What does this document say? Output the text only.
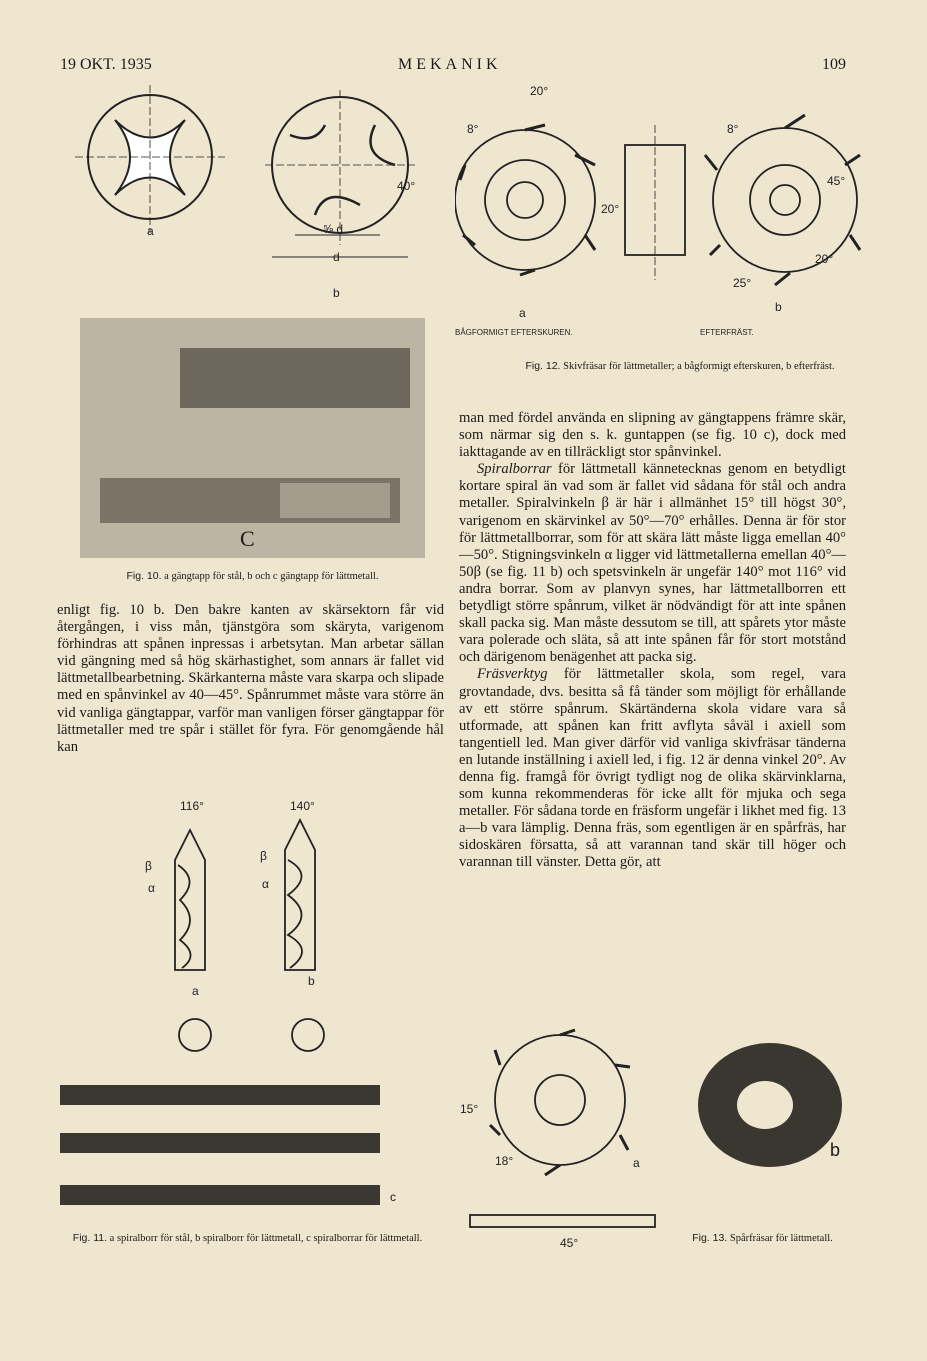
19 OKT. 1935	MEKANIK	109
a	⅝ d
d
40°
b
20°
8°
20°
8°
45°
25°
20°
a	b
BÅGFORMIGT EFTERSKUREN.	EFTERFRÄST.
C
Fig. 10. a gängtapp för stål, b och c gängtapp för lättmetall.
Fig. 12. Skivfräsar för lättmetaller; a bågformigt efterskuren, b efterfräst.

enligt fig. 10 b. Den bakre kanten av skärsektorn får vid återgången, i viss mån, tjänstgöra som skäryta, varigenom förhindras att spånen inpressas i arbetsytan. Man arbetar sällan vid gängning med så hög skärhastighet, som annars är fallet vid lättmetallbearbetning. Skärkanterna måste vara skarpa och slipade med en spånvinkel av 40—45°. Spånrummet måste vara större än vid vanliga gängtappar, varför man vanligen förser gängtappar för lättmetaller med tre spår i stället för fyra. För genomgående hål kan

man med fördel använda en slipning av gängtappens främre skär, som närmar sig den s. k. guntappen (se fig. 10 c), dock med iakttagande av en tillräckligt stor spånvinkel.

Spiralborrar för lättmetall kännetecknas genom en betydligt kortare spiral än vad som är fallet vid sådana för stål och andra metaller. Spiralvinkeln β är här i allmänhet 15° till högst 30°, varigenom en skärvinkel av 50°—70° erhålles. Denna är för stor för lättmetallborrar, som för att skära lätt måste ligga emellan 40°—50°. Stigningsvinkeln α ligger vid lättmetallerna emellan 40°—50β (se fig. 11 b) och spetsvinkeln är ungefär 140° mot 116° vid andra borrar. Som av planvyn synes, har lättmetallborren ett betydligt större spånrum, vilket är nödvändigt för att inte spånen skall packa sig. Man måste dessutom se till, att spårets ytor måste vara polerade och släta, så att inte spånen får för stort motstånd och därigenom benägenhet att packa sig.

Fräsverktyg för lättmetaller skola, som regel, vara grovtandade, dvs. besitta så få tänder som möjligt för erhållande av ett större spånrum. Skärtänderna skola vidare vara så utformade, att spånen kan fritt avflyta såväl i axiell som tangentiell led. Man giver därför vid vanliga skivfräsar tänderna en lutande inställning i axiell led, i fig. 12 är denna vinkel 20°. Av denna fig. framgå för övrigt tydligt nog de olika skärvinklarna, som kunna rekommenderas för icke allt för mjuka och sega metaller. För sådana torde en fräsform ungefär i likhet med fig. 13 a—b vara lämplig. Denna fräs, som egentligen är en spårfräs, har sidoskären försatta, så att varannan tand skär till höger och varannan till vänster. Detta gör, att

116°	140°
β
α
β
α
a
b
c
Fig. 11. a spiralborr för stål, b spiralborr för lättmetall, c spiralborrar för lättmetall.
15°
18°	a
45°
b
Fig. 13. Spårfräsar för lättmetall.
